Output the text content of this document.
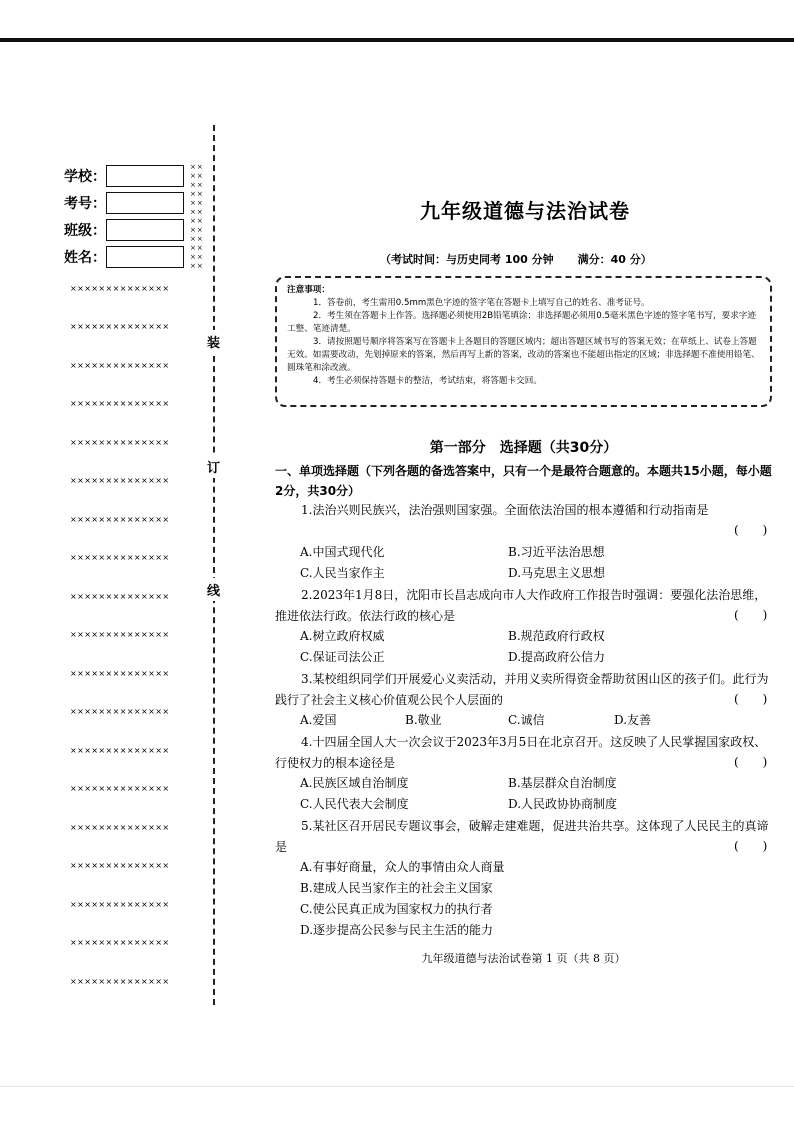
学校：
考号：
班级：
姓名：
××
××
××
××
××
××
××
××
××
××
××
××
××××××××××××××
××××××××××××××
××××××××××××××
××××××××××××××
××××××××××××××
××××××××××××××
××××××××××××××
××××××××××××××
××××××××××××××
××××××××××××××
××××××××××××××
××××××××××××××
××××××××××××××
××××××××××××××
××××××××××××××
××××××××××××××
××××××××××××××
××××××××××××××
××××××××××××××
装
订
线
九年级道德与法治试卷
（考试时间：与历史同考 100 分钟 满分：40 分）
注意事项：

1．答卷前，考生需用0.5mm黑色字迹的签字笔在答题卡上填写自己的姓名、准考证号。

2．考生须在答题卡上作答。选择题必须使用2B铅笔填涂；非选择题必须用0.5毫米黑色字迹的签字笔书写，要求字迹工整、笔迹清楚。

3．请按照题号顺序将答案写在答题卡上各题目的答题区域内；超出答题区域书写的答案无效；在草纸上、试卷上答题无效。如需要改动，先划掉原来的答案，然后再写上新的答案，改动的答案也不能超出指定的区域；非选择题不准使用铅笔、圆珠笔和涂改液。

4．考生必须保持答题卡的整洁，考试结束，将答题卡交回。

第一部分　选择题（共30分）
一、单项选择题（下列各题的备选答案中，只有一个是最符合题意的。本题共15小题，每小题2分，共30分）
1.法治兴则民族兴，法治强则国家强。全面依法治国的根本遵循和行动指南是
(　　)
A.中国式现代化	B.习近平法治思想
C.人民当家作主	D.马克思主义思想
2.2023年1月8日，沈阳市长昌志成向市人大作政府工作报告时强调：要强化法治思维，推进依法行政。依法行政的核心是	(　　)
A.树立政府权威	B.规范政府行政权
C.保证司法公正	D.提高政府公信力
3.某校组织同学们开展爱心义卖活动，并用义卖所得资金帮助贫困山区的孩子们。此行为践行了社会主义核心价值观公民个人层面的	(　　)
A.爱国	B.敬业	C.诚信	D.友善
4.十四届全国人大一次会议于2023年3月5日在北京召开。这反映了人民掌握国家政权、行使权力的根本途径是	(　　)
A.民族区域自治制度	B.基层群众自治制度
C.人民代表大会制度	D.人民政协协商制度
5.某社区召开居民专题议事会，破解走建难题，促进共治共享。这体现了人民民主的真谛是	(　　)
A.有事好商量，众人的事情由众人商量
B.建成人民当家作主的社会主义国家
C.使公民真正成为国家权力的执行者
D.逐步提高公民参与民主生活的能力
九年级道德与法治试卷第 1 页（共 8 页）
